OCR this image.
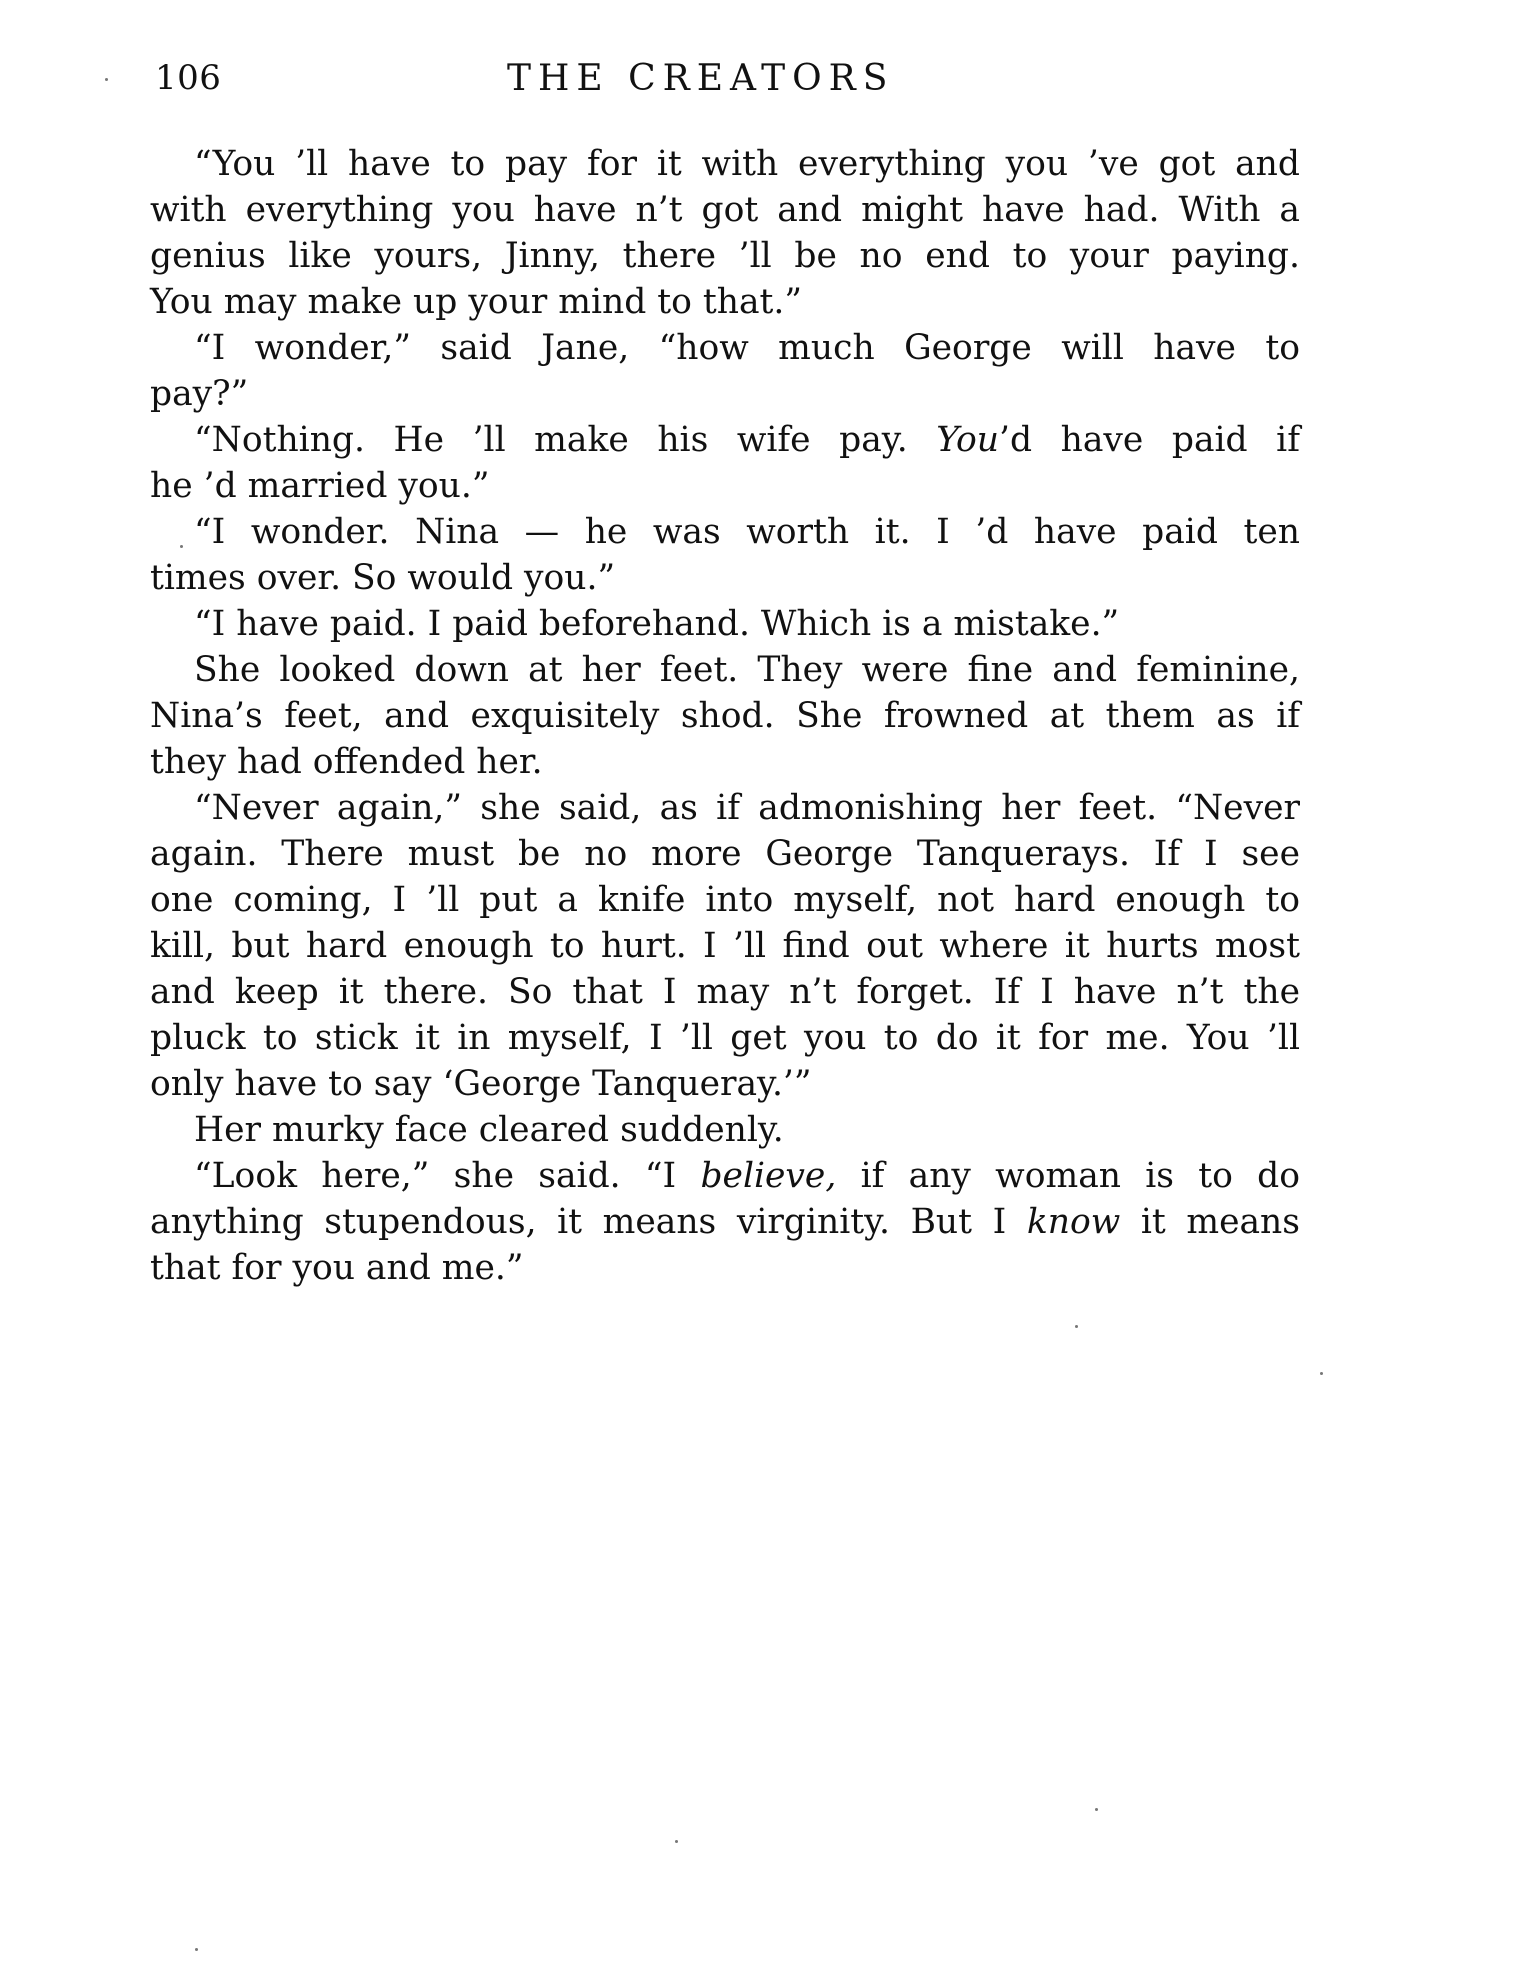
106	THE CREATORS
“You ’ll have to pay for it with everything you ’ve got and
with everything you have n’t got and might have had. With a
genius like yours, Jinny, there ’ll be no end to your paying.
You may make up your mind to that.”
“I wonder,” said Jane, “how much George will have to
pay?”
“Nothing. He ’ll make his wife pay. You’d have paid if
he ’d married you.”
“I wonder. Nina — he was worth it. I ’d have paid ten
times over. So would you.”
“I have paid. I paid beforehand. Which is a mistake.”
She looked down at her feet. They were fine and feminine,
Nina’s feet, and exquisitely shod. She frowned at them as if
they had offended her.
“Never again,” she said, as if admonishing her feet. “Never
again. There must be no more George Tanquerays. If I see
one coming, I ’ll put a knife into myself, not hard enough to
kill, but hard enough to hurt. I ’ll find out where it hurts most
and keep it there. So that I may n’t forget. If I have n’t the
pluck to stick it in myself, I ’ll get you to do it for me. You ’ll
only have to say ‘George Tanqueray.’”
Her murky face cleared suddenly.
“Look here,” she said. “I believe, if any woman is to do
anything stupendous, it means virginity. But I know it means
that for you and me.”
